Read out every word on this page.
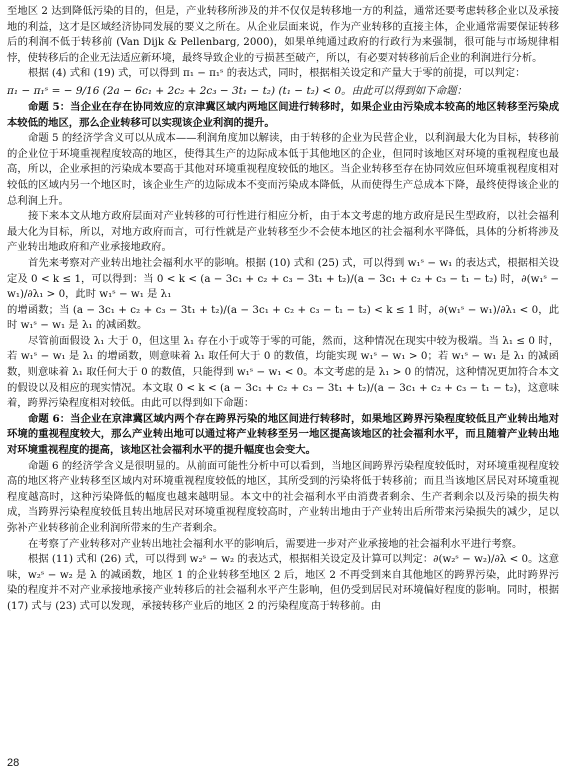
至地区 2 达到降低污染的目的，但是，产业转移所涉及的并不仅仅是转移地一方的利益，通常还要考虑转移企业以及承接地的利益，这才是区域经济协同发展的要义之所在。从企业层面来说，作为产业转移的直接主体，企业通常需要保证转移后的利润不低于转移前 (Van Dijk & Pellenbarg, 2000)，如果单纯通过政府的行政行为来强制，很可能与市场规律相悖，使转移后的企业无法适应新环境，最终导致企业的亏损甚至破产，所以，有必要对转移前后企业的利润进行分析。

根据 (4) 式和 (19) 式，可以得到 π₁ − π₁ˢ 的表达式，同时，根据相关设定和产量大于零的前提，可以判定：

π₁ − π₁ˢ = − 9/16 (2a − 6c₁ + 2c₂ + 2c₃ − 3t₁ − t₂) (t₁ − t₂) < 0。由此可以得到如下命题：

命题 5：当企业在存在协同效应的京津冀区域内两地区间进行转移时，如果企业由污染成本较高的地区转移至污染成本较低的地区，那么企业转移可以实现该企业利润的提升。

命题 5 的经济学含义可以从成本——利润角度加以解读，由于转移的企业为民营企业，以利润最大化为目标，转移前的企业位于环境重视程度较高的地区，使得其生产的边际成本低于其他地区的企业，但同时该地区对环境的重视程度也最高，所以，企业承担的污染成本要高于其他对环境重视程度较低的地区。当企业转移至存在协同效应但环境重视程度相对较低的区域内另一个地区时，该企业生产的边际成本不变而污染成本降低，从而使得生产总成本下降，最终使得该企业的总利润上升。

接下来本文从地方政府层面对产业转移的可行性进行相应分析，由于本文考虑的地方政府是民生型政府，以社会福利最大化为目标，所以，对地方政府而言，可行性就是产业转移至少不会使本地区的社会福利水平降低，具体的分析将涉及产业转出地政府和产业承接地政府。

首先来考察对产业转出地社会福利水平的影响。根据 (10) 式和 (25) 式，可以得到 w₁ˢ − w₁ 的表达式，根据相关设定及 0 < k ≤ 1，可以得到：当 0 < k < (a − 3c₁ + c₂ + c₃ − 3t₁ + t₂)/(a − 3c₁ + c₂ + c₃ − t₁ − t₂) 时，∂(w₁ˢ − w₁)/∂λ₁ > 0，此时 w₁ˢ − w₁ 是 λ₁

的增函数；当 (a − 3c₁ + c₂ + c₃ − 3t₁ + t₂)/(a − 3c₁ + c₂ + c₃ − t₁ − t₂) < k ≤ 1 时，∂(w₁ˢ − w₁)/∂λ₁ < 0，此时 w₁ˢ − w₁ 是 λ₁ 的减函数。

尽管前面假设 λ₁ 大于 0，但这里 λ₁ 存在小于或等于零的可能，然而，这种情况在现实中较为极端。当 λ₁ ≤ 0 时，若 w₁ˢ − w₁ 是 λ₁ 的增函数，则意味着 λ₁ 取任何大于 0 的数值，均能实现 w₁ˢ − w₁ > 0；若 w₁ˢ − w₁ 是 λ₁ 的减函数，则意味着 λ₁ 取任何大于 0 的数值，只能得到 w₁ˢ − w₁ < 0。本文考虑的是 λ₁ > 0 的情况，这种情况更加符合本文的假设以及相应的现实情况。本文取 0 < k < (a − 3c₁ + c₂ + c₃ − 3t₁ + t₂)/(a − 3c₁ + c₂ + c₃ − t₁ − t₂)，这意味着，跨界污染程度相对较低。由此可以得到如下命题：

命题 6：当企业在京津冀区域内两个存在跨界污染的地区间进行转移时，如果地区跨界污染程度较低且产业转出地对环境的重视程度较大，那么产业转出地可以通过将产业转移至另一地区提高该地区的社会福利水平，而且随着产业转出地对环境重视程度的提高，该地区社会福利水平的提升幅度也会变大。

命题 6 的经济学含义是很明显的。从前面可能性分析中可以看到，当地区间跨界污染程度较低时，对环境重视程度较高的地区将产业转移至区域内对环境重视程度较低的地区，其所受到的污染将低于转移前；而且当该地区居民对环境重视程度越高时，这种污染降低的幅度也越来越明显。本文中的社会福利水平由消费者剩余、生产者剩余以及污染的损失构成，当跨界污染程度较低且转出地居民对环境重视程度较高时，产业转出地由于产业转出后所带来污染损失的减少，足以弥补产业转移前企业利润所带来的生产者剩余。

在考察了产业转移对产业转出地社会福利水平的影响后，需要进一步对产业承接地的社会福利水平进行考察。

根据 (11) 式和 (26) 式，可以得到 w₂ˢ − w₂ 的表达式，根据相关设定及计算可以判定：∂(w₂ˢ − w₂)/∂λ < 0。这意味，w₂ˢ − w₂ 是 λ 的减函数，地区 1 的企业转移至地区 2 后，地区 2 不再受到来自其他地区的跨界污染，此时跨界污染的程度并不对产业承接地承接产业转移后的社会福利水平产生影响，但仍受到居民对环境偏好程度的影响。同时，根据 (17) 式与 (23) 式可以发现，承接转移产业后的地区 2 的污染程度高于转移前。由

28
